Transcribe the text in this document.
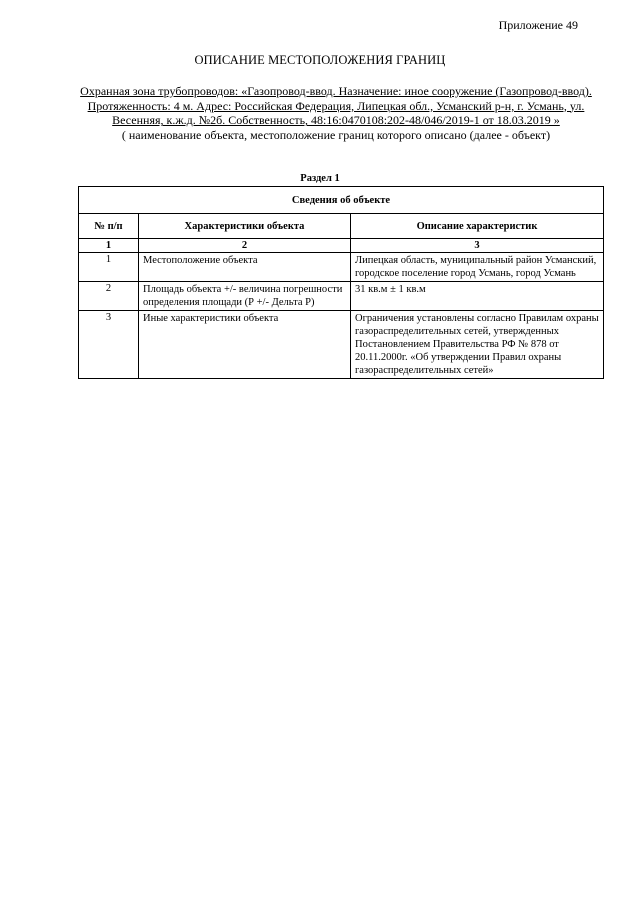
Приложение 49
ОПИСАНИЕ МЕСТОПОЛОЖЕНИЯ ГРАНИЦ
Охранная зона трубопроводов: «Газопровод-ввод. Назначение: иное сооружение (Газопровод-ввод). Протяженность: 4 м. Адрес: Российская Федерация, Липецкая обл., Усманский р-н, г. Усмань, ул. Весенняя, к.ж.д. №2б. Собственность, 48:16:0470108:202-48/046/2019-1 от 18.03.2019 »
( наименование объекта, местоположение границ которого описано (далее - объект)
Раздел 1
Сведения об объекте		
№ п/п	Характеристики объекта	Описание характеристик
1	2	3
1	Местоположение объекта	Липецкая область, муниципальный район Усманский, городское поселение город Усмань, город Усмань
2	Площадь объекта +/- величина погрешности определения площади (Р +/- Дельта Р)	31 кв.м ± 1 кв.м
3	Иные характеристики объекта	Ограничения установлены согласно Правилам охраны газораспределительных сетей, утвержденных Постановлением Правительства РФ № 878 от 20.11.2000г. «Об утверждении Правил охраны газораспределительных сетей»
